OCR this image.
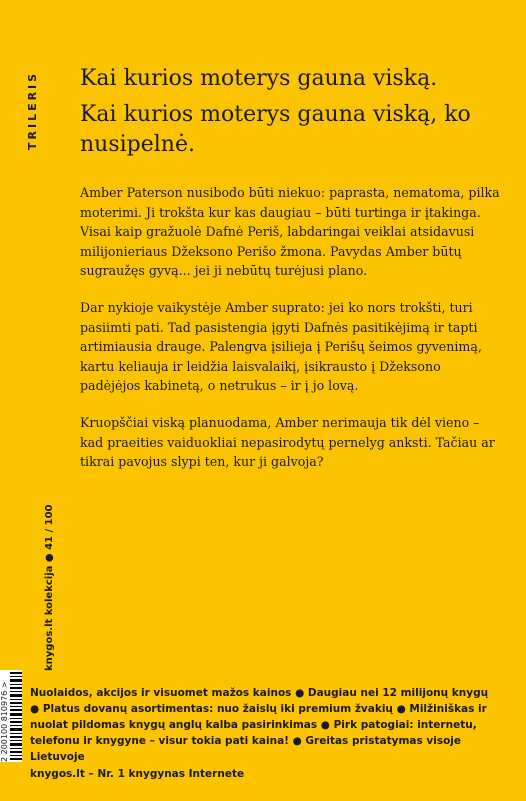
TRILERIS Kai kurios moterys gauna viską.

Kai kurios moterys gauna viską, ko nusipelnė.

Amber Paterson nusibodo būti niekuo: paprasta, nematoma, pilka moterimi. Ji trokšta kur kas daugiau – būti turtinga ir įtakinga. Visai kaip gražuolė Dafnė Periš, labdaringai veiklai atsidavusi milijonieriaus Džeksono Perišo žmona. Pavydas Amber būtų sugraužęs gyvą... jei ji nebūtų turėjusi plano.

Dar nykioje vaikystėje Amber suprato: jei ko nors trokšti, turi pasiimti pati. Tad pasistengia įgyti Dafnės pasitikėjimą ir tapti artimiausia drauge. Palengva įsilieja į Perišų šeimos gyvenimą, kartu keliauja ir leidžia laisvalaikį, įsikrausto į Džeksono padėjėjos kabinetą, o netrukus – ir į jo lovą.

Kruopščiai viską planuodama, Amber nerimauja tik dėl vieno – kad praeities vaiduokliai nepasirodytų pernelyg anksti. Tačiau ar tikrai pavojus slypi ten, kur ji galvoja?

knygos.lt kolekcija ● 41 / 100
2 200100 810976 > Nuolaidos, akcijos ir visuomet mažos kainos ● Daugiau nei 12 milijonų knygų ● Platus dovanų asortimentas: nuo žaislų iki premium žvakių ● Milžiniškas ir nuolat pildomas knygų anglų kalba pasirinkimas ● Pirk patogiai: internetu, telefonu ir knygyne – visur tokia pati kaina! ● Greitas pristatymas visoje Lietuvoje
knygos.lt – Nr. 1 knygynas Internete
